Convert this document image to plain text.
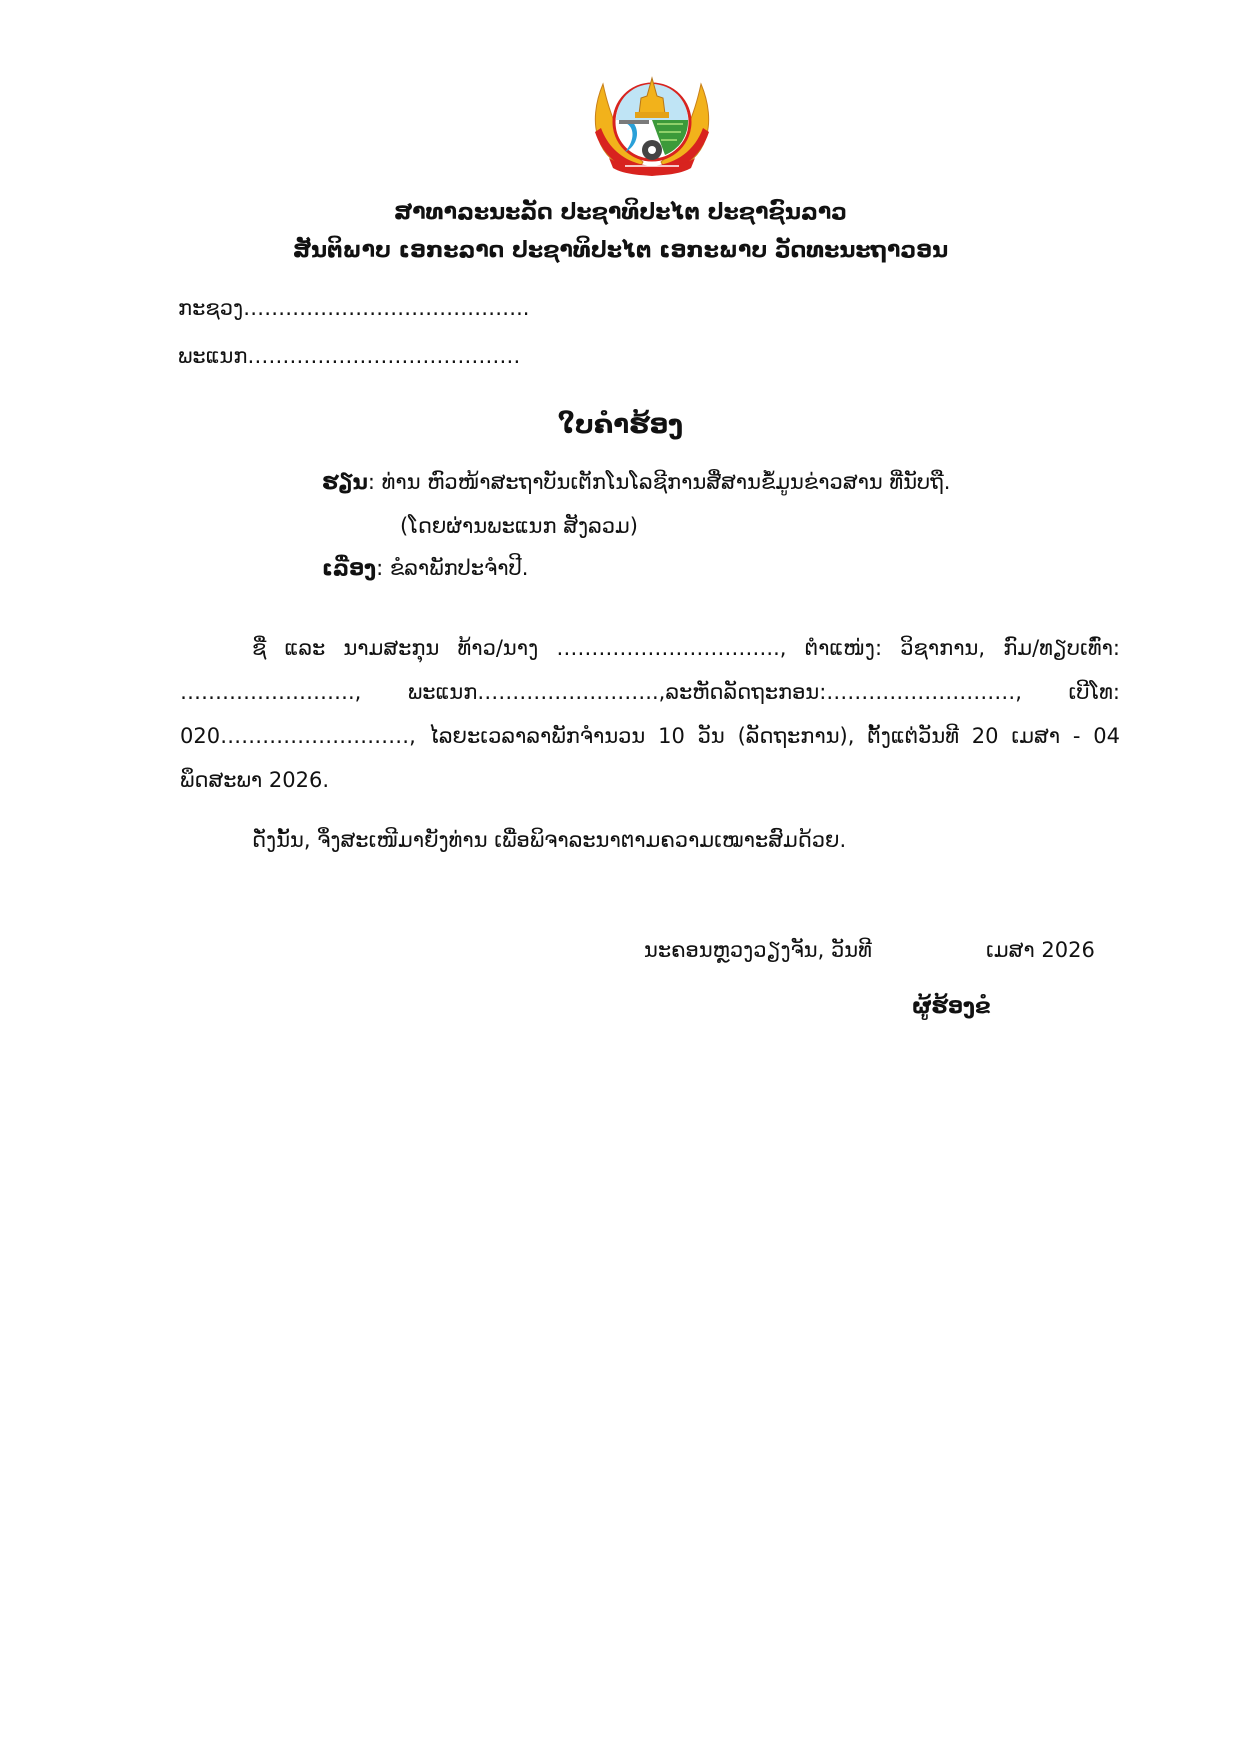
ສາທາລະນະລັດ ປະຊາທິປະໄຕ ປະຊາຊົນລາວ
ສັນຕິພາບ ເອກະລາດ ປະຊາທິປະໄຕ ເອກະພາບ ວັດທະນະຖາວອນ
ກະຊວງ…………………………………..
ພະແນກ…………………………………
ໃບຄຳຮ້ອງ
ຮຽນ: ທ່ານ ຫົວໜ້າສະຖາບັນເຕັກໂນໂລຊີການສື່ສານຂໍ້ມູນຂ່າວສານ ທີ່ນັບຖື.
(ໂດຍຜ່ານພະແນກ ສັງລວມ)
ເລື່ອງ: ຂໍລາພັກປະຈຳປີ.
ຊື່ ແລະ ນາມສະກຸນ ທ້າວ/ນາງ ………………………….., ຕຳແໜ່ງ: ວິຊາການ, ກົມ/ທຽບເທົ່າ: ……………………., ພະແນກ……………………..,ລະຫັດລັດຖະກອນ:………………………, ເບີໂທ: 020………………………, ໄລຍະເວລາລາພັກຈຳນວນ 10 ວັນ (ລັດຖະການ), ຕັ້ງແຕ່ວັນທີ 20 ເມສາ - 04 ພຶດສະພາ 2026.
ດັ່ງນັ້ນ, ຈຶ່ງສະເໜີມາຍັງທ່ານ ເພື່ອພິຈາລະນາຕາມຄວາມເໝາະສົມດ້ວຍ.
ນະຄອນຫຼວງວຽງຈັນ, ວັນທີ	ເມສາ 2026
ຜູ້ຮ້ອງຂໍ
